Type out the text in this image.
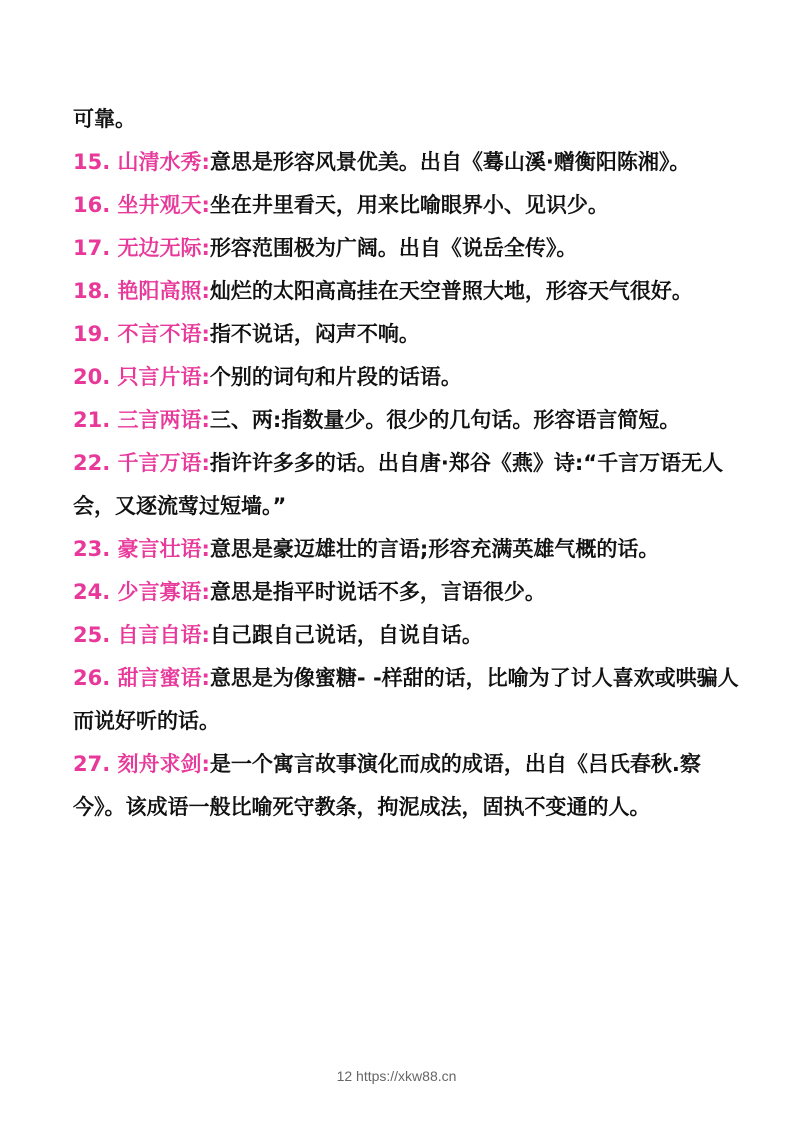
可靠。

15. 山清水秀:意思是形容风景优美。出自《蓦山溪·赠衡阳陈湘》。

16. 坐井观天:坐在井里看天，用来比喻眼界小、见识少。

17. 无边无际:形容范围极为广阔。出自《说岳全传》。

18. 艳阳高照:灿烂的太阳高高挂在天空普照大地，形容天气很好。

19. 不言不语:指不说话，闷声不响。

20. 只言片语:个别的词句和片段的话语。

21. 三言两语:三、两:指数量少。很少的几句话。形容语言简短。

22. 千言万语:指许许多多的话。出自唐·郑谷《燕》诗:“千言万语无人会，又逐流莺过短墙。”

23. 豪言壮语:意思是豪迈雄壮的言语;形容充满英雄气概的话。

24. 少言寡语:意思是指平时说话不多，言语很少。

25. 自言自语:自己跟自己说话，自说自话。

26. 甜言蜜语:意思是为像蜜糖- -样甜的话，比喻为了讨人喜欢或哄骗人而说好听的话。

27. 刻舟求剑:是一个寓言故事演化而成的成语，出自《吕氏春秋.察今》。该成语一般比喻死守教条，拘泥成法，固执不变通的人。

12 https://xkw88.cn
